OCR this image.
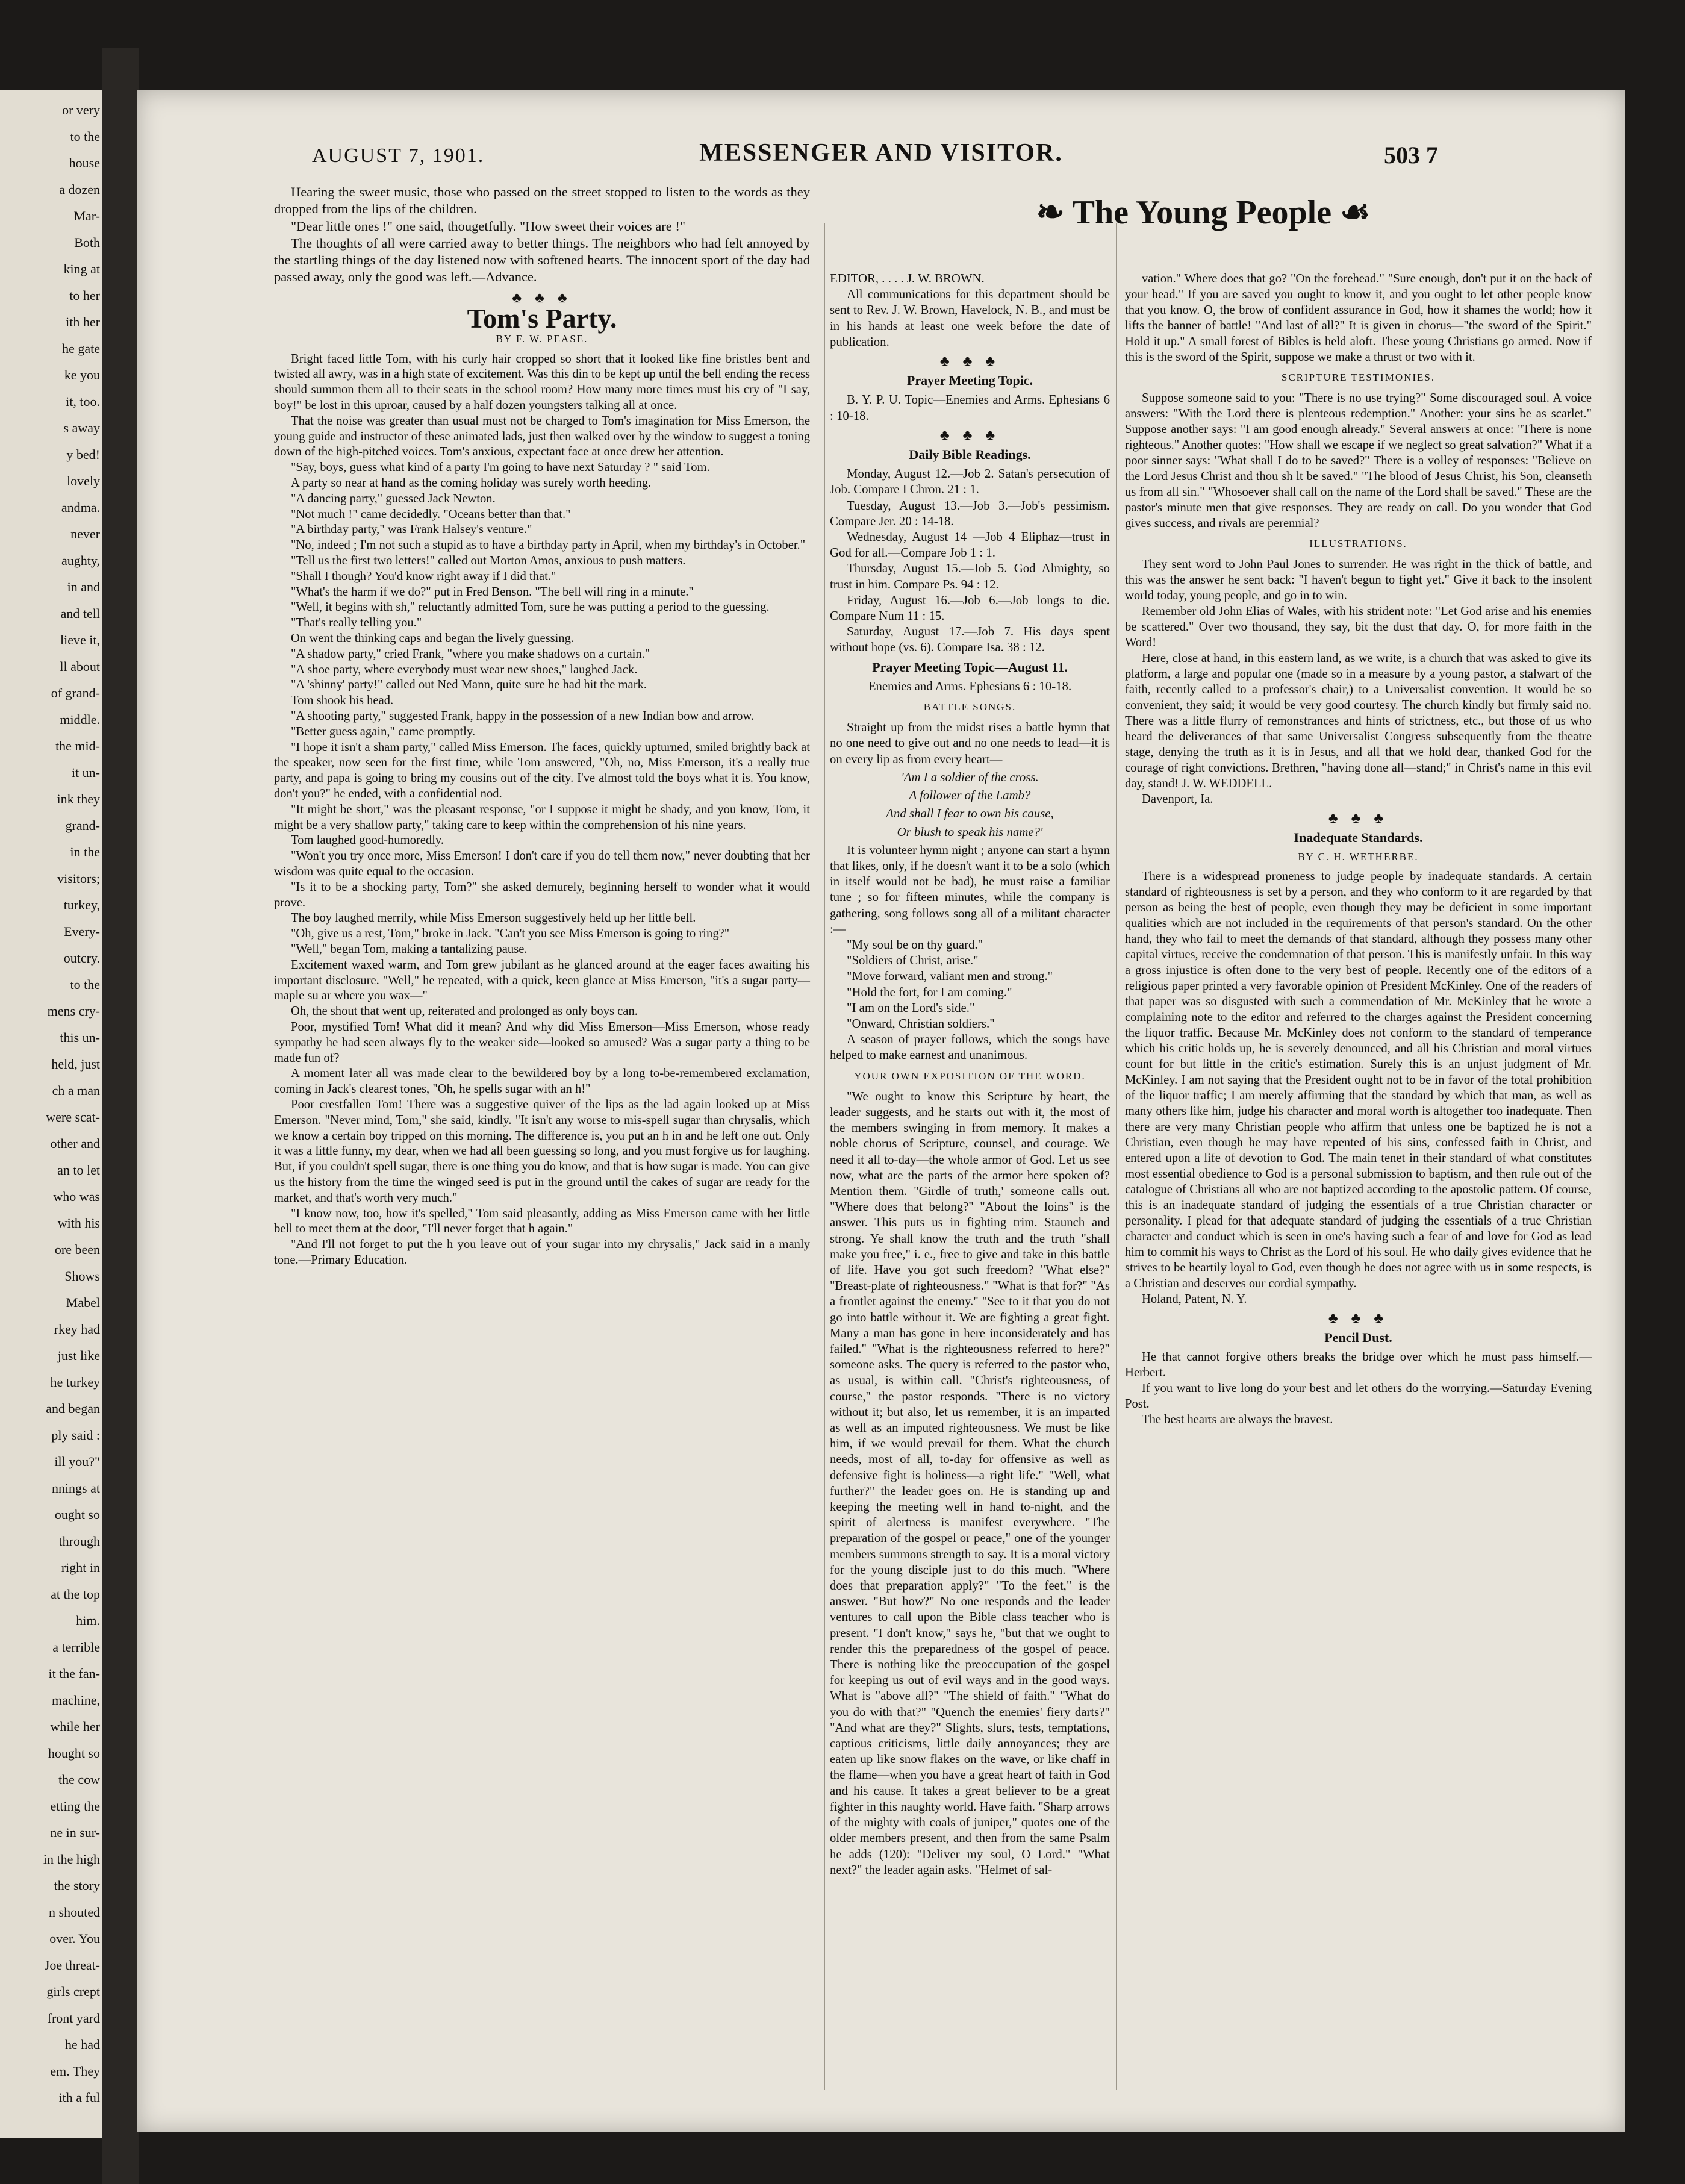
or very
to the
house
a dozen
Mar-
Both
king at
to her
ith her
he gate
ke you
it, too.
s away
y bed!
lovely
andma.
never
aughty,
in and
and tell
lieve it,
ll about
of grand-
middle.
the mid-
it un-
ink they
grand-
in the
visitors;
turkey,
Every-
outcry.
to the
mens cry-
this un-
held, just
ch a man
were scat-
other and
an to let
who was
with his
ore been
Shows
Mabel
rkey had
just like
he turkey
and began
ply said :
ill you?"
nnings at
ought so
through
right in
at the top
him.
a terrible
it the fan-
machine,
while her
hought so
the cow
etting the
ne in sur-
in the high
the story
n shouted
over. You
Joe threat-
girls crept
front yard
he had
em. They
ith a ful
AUGUST 7, 1901.	MESSENGER AND VISITOR.	503 7

Hearing the sweet music, those who passed on the street stopped to listen to the words as they dropped from the lips of the children.

"Dear little ones !" one said, thougetfully. "How sweet their voices are !"

The thoughts of all were carried away to better things. The neighbors who had felt annoyed by the startling things of the day listened now with softened hearts. The innocent sport of the day had passed away, only the good was left.—Advance.

♣ ♣ ♣
Tom's Party.
BY F. W. PEASE.

Bright faced little Tom, with his curly hair cropped so short that it looked like fine bristles bent and twisted all awry, was in a high state of excitement. Was this din to be kept up until the bell ending the recess should summon them all to their seats in the school room? How many more times must his cry of "I say, boy!" be lost in this uproar, caused by a half dozen youngsters talking all at once.

That the noise was greater than usual must not be charged to Tom's imagination for Miss Emerson, the young guide and instructor of these animated lads, just then walked over by the window to suggest a toning down of the high-pitched voices. Tom's anxious, expectant face at once drew her attention.

"Say, boys, guess what kind of a party I'm going to have next Saturday ? " said Tom.

A party so near at hand as the coming holiday was surely worth heeding.

"A dancing party," guessed Jack Newton.

"Not much !" came decidedly. "Oceans better than that."

"A birthday party," was Frank Halsey's venture."

"No, indeed ; I'm not such a stupid as to have a birthday party in April, when my birthday's in October."

"Tell us the first two letters!" called out Morton Amos, anxious to push matters.

"Shall I though? You'd know right away if I did that."

"What's the harm if we do?" put in Fred Benson. "The bell will ring in a minute."

"Well, it begins with sh," reluctantly admitted Tom, sure he was putting a period to the guessing.

"That's really telling you."

On went the thinking caps and began the lively guessing.

"A shadow party," cried Frank, "where you make shadows on a curtain."

"A shoe party, where everybody must wear new shoes," laughed Jack.

"A 'shinny' party!" called out Ned Mann, quite sure he had hit the mark.

Tom shook his head.

"A shooting party," suggested Frank, happy in the possession of a new Indian bow and arrow.

"Better guess again," came promptly.

"I hope it isn't a sham party," called Miss Emerson. The faces, quickly upturned, smiled brightly back at the speaker, now seen for the first time, while Tom answered, "Oh, no, Miss Emerson, it's a really true party, and papa is going to bring my cousins out of the city. I've almost told the boys what it is. You know, don't you?" he ended, with a confidential nod.

"It might be short," was the pleasant response, "or I suppose it might be shady, and you know, Tom, it might be a very shallow party," taking care to keep within the comprehension of his nine years.

Tom laughed good-humoredly.

"Won't you try once more, Miss Emerson! I don't care if you do tell them now," never doubting that her wisdom was quite equal to the occasion.

"Is it to be a shocking party, Tom?" she asked demurely, beginning herself to wonder what it would prove.

The boy laughed merrily, while Miss Emerson suggestively held up her little bell.

"Oh, give us a rest, Tom," broke in Jack. "Can't you see Miss Emerson is going to ring?"

"Well," began Tom, making a tantalizing pause.

Excitement waxed warm, and Tom grew jubilant as he glanced around at the eager faces awaiting his important disclosure. "Well," he repeated, with a quick, keen glance at Miss Emerson, "it's a sugar party—maple su ar where you wax—"

Oh, the shout that went up, reiterated and prolonged as only boys can.

Poor, mystified Tom! What did it mean? And why did Miss Emerson—Miss Emerson, whose ready sympathy he had seen always fly to the weaker side—looked so amused? Was a sugar party a thing to be made fun of?

A moment later all was made clear to the bewildered boy by a long to-be-remembered exclamation, coming in Jack's clearest tones, "Oh, he spells sugar with an h!"

Poor crestfallen Tom! There was a suggestive quiver of the lips as the lad again looked up at Miss Emerson. "Never mind, Tom," she said, kindly. "It isn't any worse to mis-spell sugar than chrysalis, which we know a certain boy tripped on this morning. The difference is, you put an h in and he left one out. Only it was a little funny, my dear, when we had all been guessing so long, and you must forgive us for laughing. But, if you couldn't spell sugar, there is one thing you do know, and that is how sugar is made. You can give us the history from the time the winged seed is put in the ground until the cakes of sugar are ready for the market, and that's worth very much."

"I know now, too, how it's spelled," Tom said pleasantly, adding as Miss Emerson came with her little bell to meet them at the door, "I'll never forget that h again."

"And I'll not forget to put the h you leave out of your sugar into my chrysalis," Jack said in a manly tone.—Primary Education.

❧ The Young People ☙

EDITOR, . . . . J. W. BROWN.

All communications for this department should be sent to Rev. J. W. Brown, Havelock, N. B., and must be in his hands at least one week before the date of publication.

♣ ♣ ♣
Prayer Meeting Topic.

B. Y. P. U. Topic—Enemies and Arms. Ephesians 6 : 10-18.

♣ ♣ ♣
Daily Bible Readings.

Monday, August 12.—Job 2. Satan's persecution of Job. Compare I Chron. 21 : 1.

Tuesday, August 13.—Job 3.—Job's pessimism. Compare Jer. 20 : 14-18.

Wednesday, August 14 —Job 4 Eliphaz—trust in God for all.—Compare Job 1 : 1.

Thursday, August 15.—Job 5. God Almighty, so trust in him. Compare Ps. 94 : 12.

Friday, August 16.—Job 6.—Job longs to die. Compare Num 11 : 15.

Saturday, August 17.—Job 7. His days spent without hope (vs. 6). Compare Isa. 38 : 12.

Prayer Meeting Topic—August 11.

Enemies and Arms. Ephesians 6 : 10-18.

BATTLE SONGS.

Straight up from the midst rises a battle hymn that no one need to give out and no one needs to lead—it is on every lip as from every heart—

'Am I a soldier of the cross.
A follower of the Lamb?
And shall I fear to own his cause,
Or blush to speak his name?'

It is volunteer hymn night ; anyone can start a hymn that likes, only, if he doesn't want it to be a solo (which in itself would not be bad), he must raise a familiar tune ; so for fifteen minutes, while the company is gathering, song follows song all of a militant character :—

"My soul be on thy guard."

"Soldiers of Christ, arise."

"Move forward, valiant men and strong."

"Hold the fort, for I am coming."

"I am on the Lord's side."

"Onward, Christian soldiers."

A season of prayer follows, which the songs have helped to make earnest and unanimous.

YOUR OWN EXPOSITION OF THE WORD.

"We ought to know this Scripture by heart, the leader suggests, and he starts out with it, the most of the members swinging in from memory. It makes a noble chorus of Scripture, counsel, and courage. We need it all to-day—the whole armor of God. Let us see now, what are the parts of the armor here spoken of? Mention them. "Girdle of truth,' someone calls out. "Where does that belong?" "About the loins" is the answer. This puts us in fighting trim. Staunch and strong. Ye shall know the truth and the truth "shall make you free," i. e., free to give and take in this battle of life. Have you got such freedom? "What else?" "Breast-plate of righteousness." "What is that for?" "As a frontlet against the enemy." "See to it that you do not go into battle without it. We are fighting a great fight. Many a man has gone in here inconsiderately and has failed." "What is the righteousness referred to here?" someone asks. The query is referred to the pastor who, as usual, is within call. "Christ's righteousness, of course," the pastor responds. "There is no victory without it; but also, let us remember, it is an imparted as well as an imputed righteousness. We must be like him, if we would prevail for them. What the church needs, most of all, to-day for offensive as well as defensive fight is holiness—a right life." "Well, what further?" the leader goes on. He is standing up and keeping the meeting well in hand to-night, and the spirit of alertness is manifest everywhere. "The preparation of the gospel or peace," one of the younger members summons strength to say. It is a moral victory for the young disciple just to do this much. "Where does that preparation apply?" "To the feet," is the answer. "But how?" No one responds and the leader ventures to call upon the Bible class teacher who is present. "I don't know," says he, "but that we ought to render this the preparedness of the gospel of peace. There is nothing like the preoccupation of the gospel for keeping us out of evil ways and in the good ways. What is "above all?" "The shield of faith." "What do you do with that?" "Quench the enemies' fiery darts?" "And what are they?" Slights, slurs, tests, temptations, captious criticisms, little daily annoyances; they are eaten up like snow flakes on the wave, or like chaff in the flame—when you have a great heart of faith in God and his cause. It takes a great believer to be a great fighter in this naughty world. Have faith. "Sharp arrows of the mighty with coals of juniper," quotes one of the older members present, and then from the same Psalm he adds (120): "Deliver my soul, O Lord." "What next?" the leader again asks. "Helmet of sal-

vation." Where does that go? "On the forehead." "Sure enough, don't put it on the back of your head." If you are saved you ought to know it, and you ought to let other people know that you know. O, the brow of confident assurance in God, how it shames the world; how it lifts the banner of battle! "And last of all?" It is given in chorus—"the sword of the Spirit." Hold it up." A small forest of Bibles is held aloft. These young Christians go armed. Now if this is the sword of the Spirit, suppose we make a thrust or two with it.

SCRIPTURE TESTIMONIES.

Suppose someone said to you: "There is no use trying?" Some discouraged soul. A voice answers: "With the Lord there is plenteous redemption." Another: your sins be as scarlet." Suppose another says: "I am good enough already." Several answers at once: "There is none righteous." Another quotes: "How shall we escape if we neglect so great salvation?" What if a poor sinner says: "What shall I do to be saved?" There is a volley of responses: "Believe on the Lord Jesus Christ and thou sh lt be saved." "The blood of Jesus Christ, his Son, cleanseth us from all sin." "Whosoever shall call on the name of the Lord shall be saved." These are the pastor's minute men that give responses. They are ready on call. Do you wonder that God gives success, and rivals are perennial?

ILLUSTRATIONS.

They sent word to John Paul Jones to surrender. He was right in the thick of battle, and this was the answer he sent back: "I haven't begun to fight yet." Give it back to the insolent world today, young people, and go in to win.

Remember old John Elias of Wales, with his strident note: "Let God arise and his enemies be scattered." Over two thousand, they say, bit the dust that day. O, for more faith in the Word!

Here, close at hand, in this eastern land, as we write, is a church that was asked to give its platform, a large and popular one (made so in a measure by a young pastor, a stalwart of the faith, recently called to a professor's chair,) to a Universalist convention. It would be so convenient, they said; it would be very good courtesy. The church kindly but firmly said no. There was a little flurry of remonstrances and hints of strictness, etc., but those of us who heard the deliverances of that same Universalist Congress subsequently from the theatre stage, denying the truth as it is in Jesus, and all that we hold dear, thanked God for the courage of right convictions. Brethren, "having done all—stand;" in Christ's name in this evil day, stand! J. W. WEDDELL.

Davenport, Ia.

♣ ♣ ♣
Inadequate Standards.
BY C. H. WETHERBE.

There is a widespread proneness to judge people by inadequate standards. A certain standard of righteousness is set by a person, and they who conform to it are regarded by that person as being the best of people, even though they may be deficient in some important qualities which are not included in the requirements of that person's standard. On the other hand, they who fail to meet the demands of that standard, although they possess many other capital virtues, receive the condemnation of that person. This is manifestly unfair. In this way a gross injustice is often done to the very best of people. Recently one of the editors of a religious paper printed a very favorable opinion of President McKinley. One of the readers of that paper was so disgusted with such a commendation of Mr. McKinley that he wrote a complaining note to the editor and referred to the charges against the President concerning the liquor traffic. Because Mr. McKinley does not conform to the standard of temperance which his critic holds up, he is severely denounced, and all his Christian and moral virtues count for but little in the critic's estimation. Surely this is an unjust judgment of Mr. McKinley. I am not saying that the President ought not to be in favor of the total prohibition of the liquor traffic; I am merely affirming that the standard by which that man, as well as many others like him, judge his character and moral worth is altogether too inadequate. Then there are very many Christian people who affirm that unless one be baptized he is not a Christian, even though he may have repented of his sins, confessed faith in Christ, and entered upon a life of devotion to God. The main tenet in their standard of what constitutes most essential obedience to God is a personal submission to baptism, and then rule out of the catalogue of Christians all who are not baptized according to the apostolic pattern. Of course, this is an inadequate standard of judging the essentials of a true Christian character or personality. I plead for that adequate standard of judging the essentials of a true Christian character and conduct which is seen in one's having such a fear of and love for God as lead him to commit his ways to Christ as the Lord of his soul. He who daily gives evidence that he strives to be heartily loyal to God, even though he does not agree with us in some respects, is a Christian and deserves our cordial sympathy.

Holand, Patent, N. Y.

♣ ♣ ♣
Pencil Dust.

He that cannot forgive others breaks the bridge over which he must pass himself.—Herbert.

If you want to live long do your best and let others do the worrying.—Saturday Evening Post.

The best hearts are always the bravest.
